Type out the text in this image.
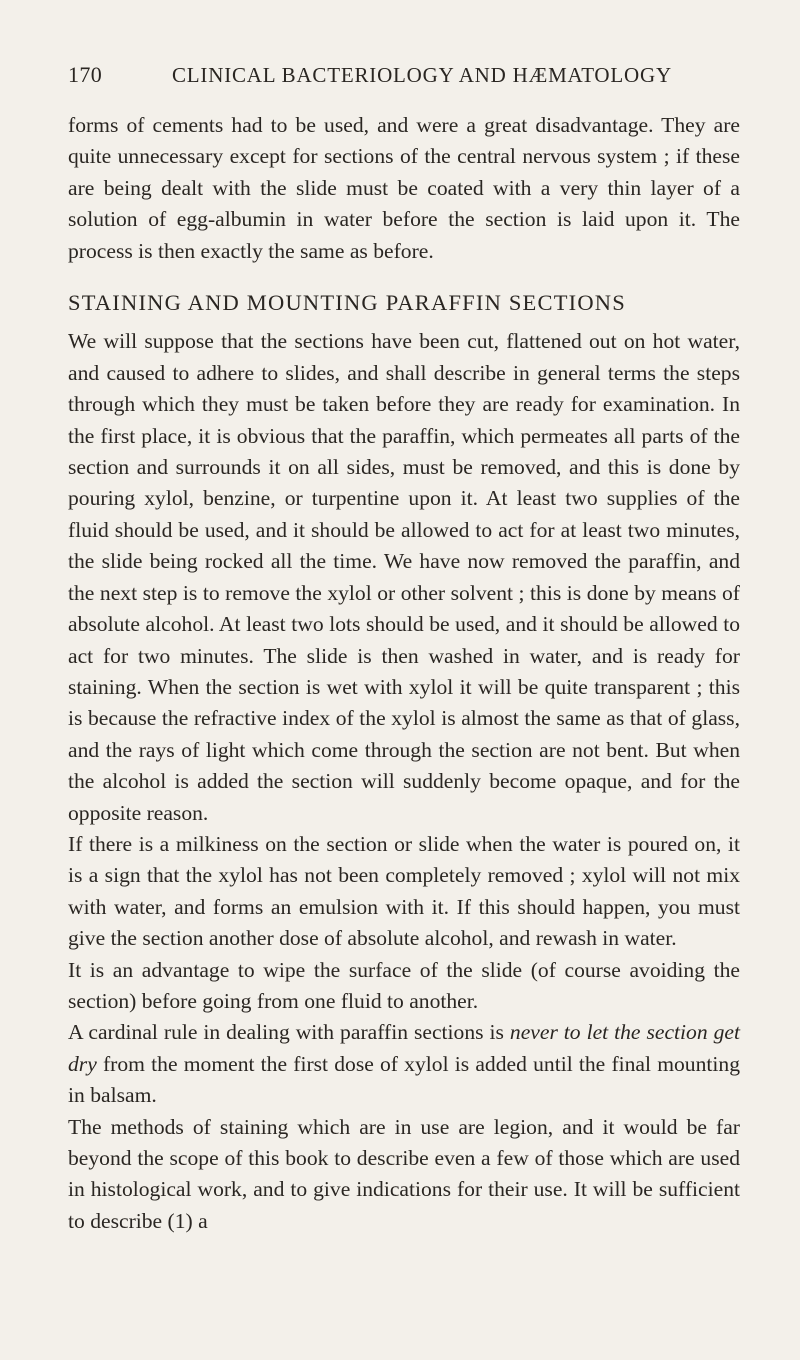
170	CLINICAL BACTERIOLOGY AND HÆMATOLOGY

forms of cements had to be used, and were a great disadvantage. They are quite unnecessary except for sections of the central nervous system ; if these are being dealt with the slide must be coated with a very thin layer of a solution of egg-albumin in water before the section is laid upon it. The process is then exactly the same as before.

STAINING AND MOUNTING PARAFFIN SECTIONS

We will suppose that the sections have been cut, flattened out on hot water, and caused to adhere to slides, and shall describe in general terms the steps through which they must be taken before they are ready for examination. In the first place, it is obvious that the paraffin, which permeates all parts of the section and surrounds it on all sides, must be removed, and this is done by pouring xylol, benzine, or turpentine upon it. At least two supplies of the fluid should be used, and it should be allowed to act for at least two minutes, the slide being rocked all the time. We have now removed the paraffin, and the next step is to remove the xylol or other solvent ; this is done by means of absolute alcohol. At least two lots should be used, and it should be allowed to act for two minutes. The slide is then washed in water, and is ready for staining. When the section is wet with xylol it will be quite transparent ; this is because the refractive index of the xylol is almost the same as that of glass, and the rays of light which come through the section are not bent. But when the alcohol is added the section will suddenly become opaque, and for the opposite reason.

If there is a milkiness on the section or slide when the water is poured on, it is a sign that the xylol has not been completely removed ; xylol will not mix with water, and forms an emulsion with it. If this should happen, you must give the section another dose of absolute alcohol, and rewash in water.

It is an advantage to wipe the surface of the slide (of course avoiding the section) before going from one fluid to another.

A cardinal rule in dealing with paraffin sections is never to let the section get dry from the moment the first dose of xylol is added until the final mounting in balsam.

The methods of staining which are in use are legion, and it would be far beyond the scope of this book to describe even a few of those which are used in histological work, and to give indications for their use. It will be sufficient to describe (1) a
